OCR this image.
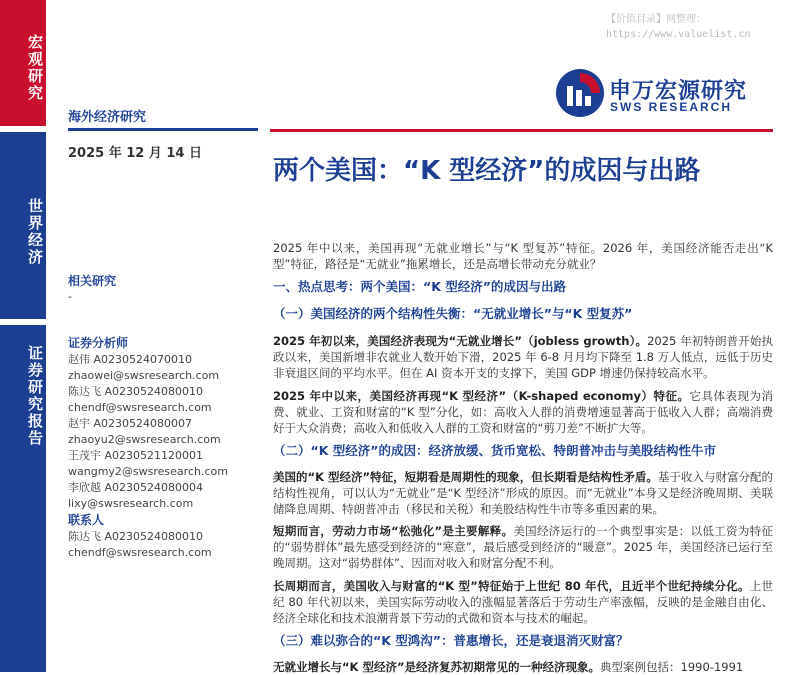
宏观研究
世界经济
证券研究报告
【价值目录】网整理：
https://www.valuelist.cn
申万宏源研究
SWS RESEARCH
海外经济研究
2025 年 12 月 14 日
两个美国：“K 型经济”的成因与出路
相关研究
-
证券分析师
赵伟 A0230524070010
zhaowei@swsresearch.com
陈达飞 A0230524080010
chendf@swsresearch.com
赵宇 A0230524080007
zhaoyu2@swsresearch.com
王茂宇 A0230521120001
wangmy2@swsresearch.com
李欣越 A0230524080004
lixy@swsresearch.com
联系人
陈达飞 A0230524080010
chendf@swsresearch.com

2025 年中以来，美国再现“无就业增长”与“K 型复苏”特征。2026 年，美国经济能否走出“K 型”特征，路径是“无就业”拖累增长，还是高增长带动充分就业？

一、热点思考：两个美国：“K 型经济”的成因与出路
（一）美国经济的两个结构性失衡：“无就业增长”与“K 型复苏”

2025 年初以来，美国经济表现为“无就业增长”（jobless growth）。2025 年初特朗普开始执政以来，美国新增非农就业人数开始下滑，2025 年 6-8 月月均下降至 1.8 万人低点，远低于历史非衰退区间的平均水平。但在 AI 资本开支的支撑下，美国 GDP 增速仍保持较高水平。

2025 年中以来，美国经济再现“K 型经济”（K-shaped economy）特征。它具体表现为消费、就业、工资和财富的“K 型”分化，如：高收入人群的消费增速显著高于低收入人群；高端消费好于大众消费；高收入和低收入人群的工资和财富的“剪刀差”不断扩大等。

（二）“K 型经济”的成因：经济放缓、货币宽松、特朗普冲击与美股结构性牛市

美国的“K 型经济”特征，短期看是周期性的现象，但长期看是结构性矛盾。基于收入与财富分配的结构性视角，可以认为“无就业”是“K 型经济”形成的原因。而“无就业”本身又是经济晚周期、美联储降息周期、特朗普冲击（移民和关税）和美股结构性牛市等多重因素的果。

短期而言，劳动力市场“松弛化”是主要解释。美国经济运行的一个典型事实是：以低工资为特征的“弱势群体”最先感受到经济的“寒意”，最后感受到经济的“暖意”。2025 年，美国经济已运行至晚周期。这对“弱势群体”、因而对收入和财富分配不利。

长周期而言，美国收入与财富的“K 型”特征始于上世纪 80 年代，且近半个世纪持续分化。上世纪 80 年代初以来，美国实际劳动收入的涨幅显著落后于劳动生产率涨幅，反映的是金融自由化、经济全球化和技术浪潮背景下劳动的式微和资本与技术的崛起。

（三）难以弥合的“K 型鸿沟”：普惠增长，还是衰退消灭财富？

无就业增长与“K 型经济”是经济复苏初期常见的一种经济现象。典型案例包括：1990-1991
